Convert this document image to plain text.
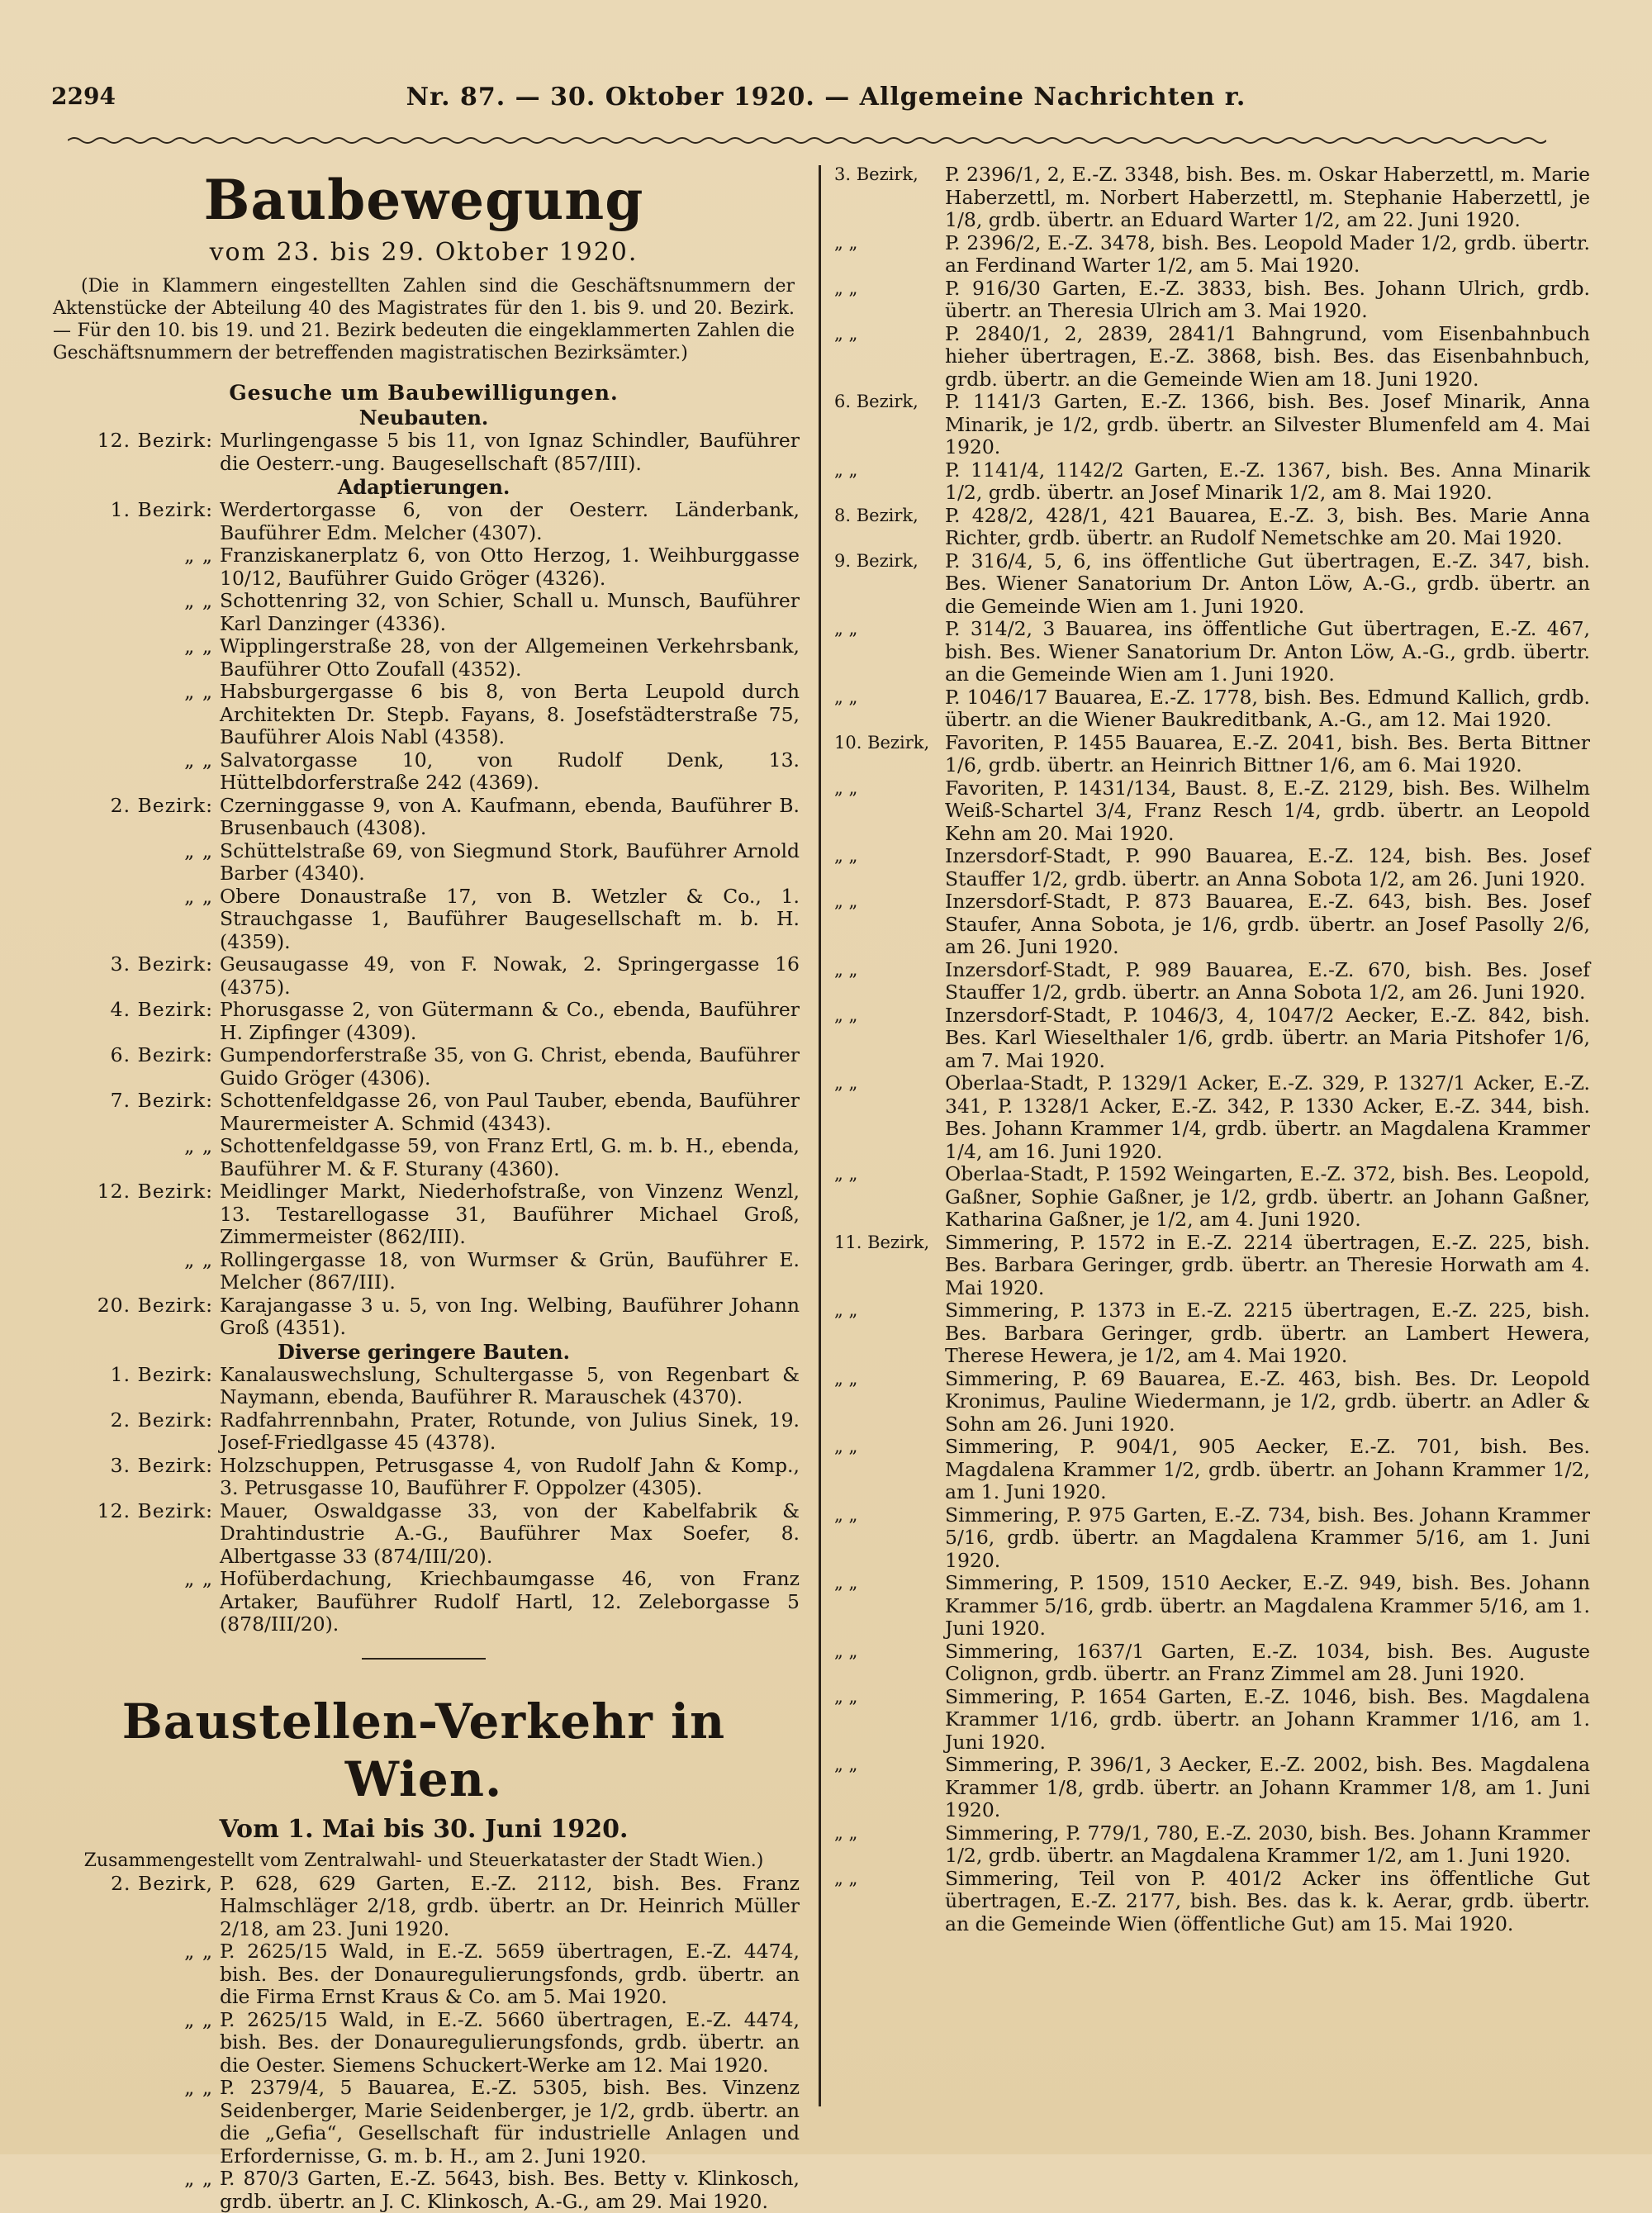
2294	Nr. 87. — 30. Oktober 1920. — Allgemeine Nachrichten r.
Baubewegung
vom 23. bis 29. Oktober 1920.
(Die in Klammern eingestellten Zahlen sind die Geschäftsnummern der Aktenstücke der Abteilung 40 des Magistrates für den 1. bis 9. und 20. Bezirk. — Für den 10. bis 19. und 21. Bezirk bedeuten die eingeklammerten Zahlen die Geschäftsnummern der betreffenden magistratischen Bezirksämter.)
Gesuche um Baubewilligungen.
Neubauten.
12. Bezirk: Murlingengasse 5 bis 11, von Ignaz Schindler, Bauführer die Oesterr.-ung. Baugesellschaft (857/III).
Adaptierungen.
1. Bezirk: Werdertorgasse 6, von der Oesterr. Länderbank, Bauführer Edm. Melcher (4307).
„ „ Franziskanerplatz 6, von Otto Herzog, 1. Weihburggasse 10/12, Bauführer Guido Gröger (4326).
„ „ Schottenring 32, von Schier, Schall u. Munsch, Bauführer Karl Danzinger (4336).
„ „ Wipplingerstraße 28, von der Allgemeinen Verkehrsbank, Bauführer Otto Zoufall (4352).
„ „ Habsburgergasse 6 bis 8, von Berta Leupold durch Architekten Dr. Stepb. Fayans, 8. Josefstädterstraße 75, Bauführer Alois Nabl (4358).
„ „ Salvatorgasse 10, von Rudolf Denk, 13. Hüttelbdorferstraße 242 (4369).
2. Bezirk: Czerninggasse 9, von A. Kaufmann, ebenda, Bauführer B. Brusenbauch (4308).
„ „ Schüttelstraße 69, von Siegmund Stork, Bauführer Arnold Barber (4340).
„ „ Obere Donaustraße 17, von B. Wetzler & Co., 1. Strauchgasse 1, Bauführer Baugesellschaft m. b. H. (4359).
3. Bezirk: Geusaugasse 49, von F. Nowak, 2. Springergasse 16 (4375).
4. Bezirk: Phorusgasse 2, von Gütermann & Co., ebenda, Bauführer H. Zipfinger (4309).
6. Bezirk: Gumpendorferstraße 35, von G. Christ, ebenda, Bauführer Guido Gröger (4306).
7. Bezirk: Schottenfeldgasse 26, von Paul Tauber, ebenda, Bauführer Maurermeister A. Schmid (4343).
„ „ Schottenfeldgasse 59, von Franz Ertl, G. m. b. H., ebenda, Bauführer M. & F. Sturany (4360).
12. Bezirk: Meidlinger Markt, Niederhofstraße, von Vinzenz Wenzl, 13. Testarellogasse 31, Bauführer Michael Groß, Zimmermeister (862/III).
„ „ Rollingergasse 18, von Wurmser & Grün, Bauführer E. Melcher (867/III).
20. Bezirk: Karajangasse 3 u. 5, von Ing. Welbing, Bauführer Johann Groß (4351).
Diverse geringere Bauten.
1. Bezirk: Kanalauswechslung, Schultergasse 5, von Regenbart & Naymann, ebenda, Bauführer R. Marauschek (4370).
2. Bezirk: Radfahrrennbahn, Prater, Rotunde, von Julius Sinek, 19. Josef-Friedlgasse 45 (4378).
3. Bezirk: Holzschuppen, Petrusgasse 4, von Rudolf Jahn & Komp., 3. Petrusgasse 10, Bauführer F. Oppolzer (4305).
12. Bezirk: Mauer, Oswaldgasse 33, von der Kabelfabrik & Drahtindustrie A.-G., Bauführer Max Soefer, 8. Albertgasse 33 (874/III/20).
„ „ Hofüberdachung, Kriechbaumgasse 46, von Franz Artaker, Bauführer Rudolf Hartl, 12. Zeleborgasse 5 (878/III/20).
Baustellen-Verkehr in Wien.
Vom 1. Mai bis 30. Juni 1920.
Zusammengestellt vom Zentralwahl- und Steuerkataster der Stadt Wien.)
2. Bezirk, P. 628, 629 Garten, E.-Z. 2112, bish. Bes. Franz Halmschläger 2/18, grdb. übertr. an Dr. Heinrich Müller 2/18, am 23. Juni 1920.
„ „ P. 2625/15 Wald, in E.-Z. 5659 übertragen, E.-Z. 4474, bish. Bes. der Donauregulierungsfonds, grdb. übertr. an die Firma Ernst Kraus & Co. am 5. Mai 1920.
„ „ P. 2625/15 Wald, in E.-Z. 5660 übertragen, E.-Z. 4474, bish. Bes. der Donauregulierungsfonds, grdb. übertr. an die Oester. Siemens Schuckert-Werke am 12. Mai 1920.
„ „ P. 2379/4, 5 Bauarea, E.-Z. 5305, bish. Bes. Vinzenz Seidenberger, Marie Seidenberger, je 1/2, grdb. übertr. an die „Gefia“, Gesellschaft für industrielle Anlagen und Erfordernisse, G. m. b. H., am 2. Juni 1920.
„ „ P. 870/3 Garten, E.-Z. 5643, bish. Bes. Betty v. Klinkosch, grdb. übertr. an J. C. Klinkosch, A.-G., am 29. Mai 1920.
3. Bezirk,	P. 2396/1, 2, E.-Z. 3348, bish. Bes. m. Oskar Haberzettl, m. Marie Haberzettl, m. Norbert Haberzettl, m. Stephanie Haberzettl, je 1/8, grdb. übertr. an Eduard Warter 1/2, am 22. Juni 1920.
„ „	P. 2396/2, E.-Z. 3478, bish. Bes. Leopold Mader 1/2, grdb. übertr. an Ferdinand Warter 1/2, am 5. Mai 1920.
„ „	P. 916/30 Garten, E.-Z. 3833, bish. Bes. Johann Ulrich, grdb. übertr. an Theresia Ulrich am 3. Mai 1920.
„ „	P. 2840/1, 2, 2839, 2841/1 Bahngrund, vom Eisenbahnbuch hieher übertragen, E.-Z. 3868, bish. Bes. das Eisenbahnbuch, grdb. übertr. an die Gemeinde Wien am 18. Juni 1920.
6. Bezirk,	P. 1141/3 Garten, E.-Z. 1366, bish. Bes. Josef Minarik, Anna Minarik, je 1/2, grdb. übertr. an Silvester Blumenfeld am 4. Mai 1920.
„ „	P. 1141/4, 1142/2 Garten, E.-Z. 1367, bish. Bes. Anna Minarik 1/2, grdb. übertr. an Josef Minarik 1/2, am 8. Mai 1920.
8. Bezirk,	P. 428/2, 428/1, 421 Bauarea, E.-Z. 3, bish. Bes. Marie Anna Richter, grdb. übertr. an Rudolf Nemetschke am 20. Mai 1920.
9. Bezirk,	P. 316/4, 5, 6, ins öffentliche Gut übertragen, E.-Z. 347, bish. Bes. Wiener Sanatorium Dr. Anton Löw, A.-G., grdb. übertr. an die Gemeinde Wien am 1. Juni 1920.
„ „	P. 314/2, 3 Bauarea, ins öffentliche Gut übertragen, E.-Z. 467, bish. Bes. Wiener Sanatorium Dr. Anton Löw, A.-G., grdb. übertr. an die Gemeinde Wien am 1. Juni 1920.
„ „	P. 1046/17 Bauarea, E.-Z. 1778, bish. Bes. Edmund Kallich, grdb. übertr. an die Wiener Baukreditbank, A.-G., am 12. Mai 1920.
10. Bezirk, Favoriten, P. 1455 Bauarea, E.-Z. 2041, bish. Bes. Berta Bittner 1/6, grdb. übertr. an Heinrich Bittner 1/6, am 6. Mai 1920.
„ „	Favoriten, P. 1431/134, Baust. 8, E.-Z. 2129, bish. Bes. Wilhelm Weiß-Schartel 3/4, Franz Resch 1/4, grdb. übertr. an Leopold Kehn am 20. Mai 1920.
„ „	Inzersdorf-Stadt, P. 990 Bauarea, E.-Z. 124, bish. Bes. Josef Stauffer 1/2, grdb. übertr. an Anna Sobota 1/2, am 26. Juni 1920.
„ „	Inzersdorf-Stadt, P. 873 Bauarea, E.-Z. 643, bish. Bes. Josef Staufer, Anna Sobota, je 1/6, grdb. übertr. an Josef Pasolly 2/6, am 26. Juni 1920.
„ „	Inzersdorf-Stadt, P. 989 Bauarea, E.-Z. 670, bish. Bes. Josef Stauffer 1/2, grdb. übertr. an Anna Sobota 1/2, am 26. Juni 1920.
„ „	Inzersdorf-Stadt, P. 1046/3, 4, 1047/2 Aecker, E.-Z. 842, bish. Bes. Karl Wieselthaler 1/6, grdb. übertr. an Maria Pitshofer 1/6, am 7. Mai 1920.
„ „	Oberlaa-Stadt, P. 1329/1 Acker, E.-Z. 329, P. 1327/1 Acker, E.-Z. 341, P. 1328/1 Acker, E.-Z. 342, P. 1330 Acker, E.-Z. 344, bish. Bes. Johann Krammer 1/4, grdb. übertr. an Magdalena Krammer 1/4, am 16. Juni 1920.
„ „	Oberlaa-Stadt, P. 1592 Weingarten, E.-Z. 372, bish. Bes. Leopold, Gaßner, Sophie Gaßner, je 1/2, grdb. übertr. an Johann Gaßner, Katharina Gaßner, je 1/2, am 4. Juni 1920.
11. Bezirk, Simmering, P. 1572 in E.-Z. 2214 übertragen, E.-Z. 225, bish. Bes. Barbara Geringer, grdb. übertr. an Theresie Horwath am 4. Mai 1920.
„ „	Simmering, P. 1373 in E.-Z. 2215 übertragen, E.-Z. 225, bish. Bes. Barbara Geringer, grdb. übertr. an Lambert Hewera, Therese Hewera, je 1/2, am 4. Mai 1920.
„ „	Simmering, P. 69 Bauarea, E.-Z. 463, bish. Bes. Dr. Leopold Kronimus, Pauline Wiedermann, je 1/2, grdb. übertr. an Adler & Sohn am 26. Juni 1920.
„ „	Simmering, P. 904/1, 905 Aecker, E.-Z. 701, bish. Bes. Magdalena Krammer 1/2, grdb. übertr. an Johann Krammer 1/2, am 1. Juni 1920.
„ „	Simmering, P. 975 Garten, E.-Z. 734, bish. Bes. Johann Krammer 5/16, grdb. übertr. an Magdalena Krammer 5/16, am 1. Juni 1920.
„ „	Simmering, P. 1509, 1510 Aecker, E.-Z. 949, bish. Bes. Johann Krammer 5/16, grdb. übertr. an Magdalena Krammer 5/16, am 1. Juni 1920.
„ „	Simmering, 1637/1 Garten, E.-Z. 1034, bish. Bes. Auguste Colignon, grdb. übertr. an Franz Zimmel am 28. Juni 1920.
„ „	Simmering, P. 1654 Garten, E.-Z. 1046, bish. Bes. Magdalena Krammer 1/16, grdb. übertr. an Johann Krammer 1/16, am 1. Juni 1920.
„ „	Simmering, P. 396/1, 3 Aecker, E.-Z. 2002, bish. Bes. Magdalena Krammer 1/8, grdb. übertr. an Johann Krammer 1/8, am 1. Juni 1920.
„ „	Simmering, P. 779/1, 780, E.-Z. 2030, bish. Bes. Johann Krammer 1/2, grdb. übertr. an Magdalena Krammer 1/2, am 1. Juni 1920.
„ „	Simmering, Teil von P. 401/2 Acker ins öffentliche Gut übertragen, E.-Z. 2177, bish. Bes. das k. k. Aerar, grdb. übertr. an die Gemeinde Wien (öffentliche Gut) am 15. Mai 1920.
